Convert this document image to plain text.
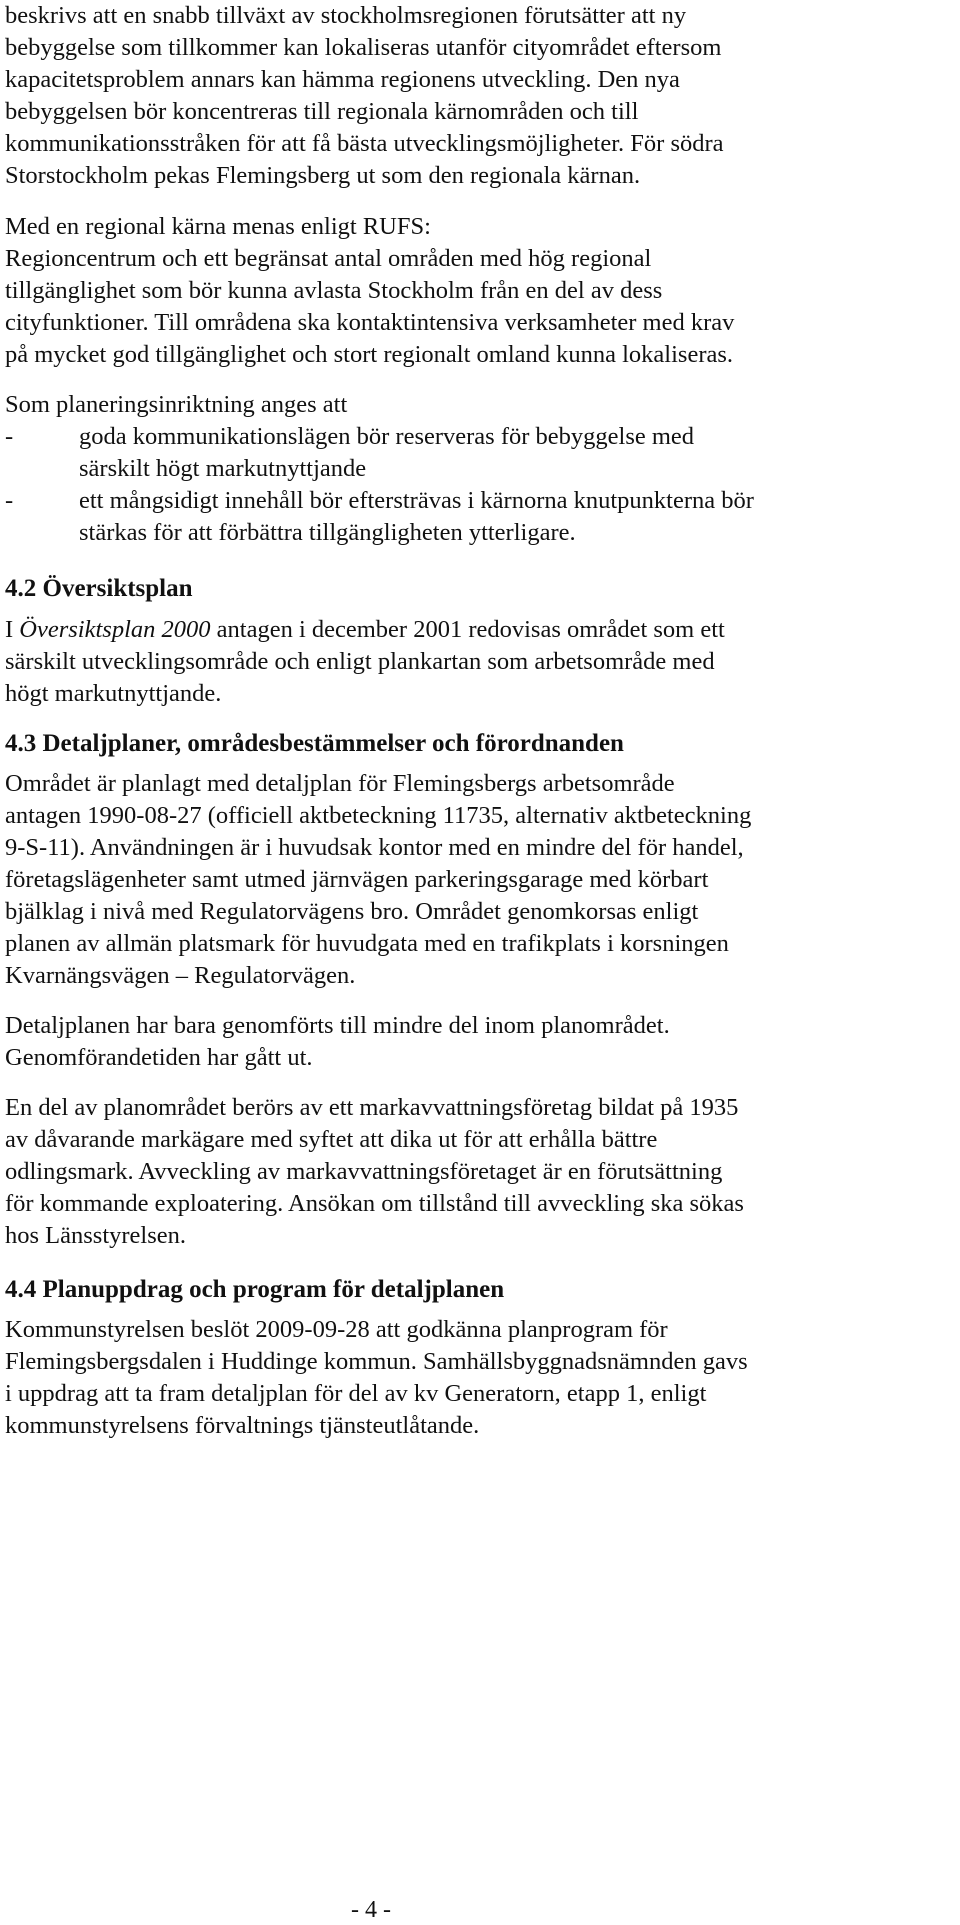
beskrivs att en snabb tillväxt av stockholmsregionen förutsätter att ny
bebyggelse som tillkommer kan lokaliseras utanför cityområdet eftersom
kapacitetsproblem annars kan hämma regionens utveckling. Den nya
bebyggelsen bör koncentreras till regionala kärnområden och till
kommunikationsstråken för att få bästa utvecklingsmöjligheter. För södra
Storstockholm pekas Flemingsberg ut som den regionala kärnan.
Med en regional kärna menas enligt RUFS:
Regioncentrum och ett begränsat antal områden med hög regional
tillgänglighet som bör kunna avlasta Stockholm från en del av dess
cityfunktioner. Till områdena ska kontaktintensiva verksamheter med krav
på mycket god tillgänglighet och stort regionalt omland kunna lokaliseras.
Som planeringsinriktning anges att
-	goda kommunikationslägen bör reserveras för bebyggelse med
särskilt högt markutnyttjande
-	ett mångsidigt innehåll bör eftersträvas i kärnorna knutpunkterna bör
stärkas för att förbättra tillgängligheten ytterligare.
4.2 Översiktsplan
I Översiktsplan 2000 antagen i december 2001 redovisas området som ett
särskilt utvecklingsområde och enligt plankartan som arbetsområde med
högt markutnyttjande.
4.3 Detaljplaner, områdesbestämmelser och förordnanden
Området är planlagt med detaljplan för Flemingsbergs arbetsområde
antagen 1990-08-27 (officiell aktbeteckning 11735, alternativ aktbeteckning
9-S-11). Användningen är i huvudsak kontor med en mindre del för handel,
företagslägenheter samt utmed järnvägen parkeringsgarage med körbart
bjälklag i nivå med Regulatorvägens bro. Området genomkorsas enligt
planen av allmän platsmark för huvudgata med en trafikplats i korsningen
Kvarnängsvägen – Regulatorvägen.
Detaljplanen har bara genomförts till mindre del inom planområdet.
Genomförandetiden har gått ut.
En del av planområdet berörs av ett markavvattningsföretag bildat på 1935
av dåvarande markägare med syftet att dika ut för att erhålla bättre
odlingsmark. Avveckling av markavvattningsföretaget är en förutsättning
för kommande exploatering. Ansökan om tillstånd till avveckling ska sökas
hos Länsstyrelsen.
4.4 Planuppdrag och program för detaljplanen
Kommunstyrelsen beslöt 2009-09-28 att godkänna planprogram för
Flemingsbergsdalen i Huddinge kommun. Samhällsbyggnadsnämnden gavs
i uppdrag att ta fram detaljplan för del av kv Generatorn, etapp 1, enligt
kommunstyrelsens förvaltnings tjänsteutlåtande.
- 4 -
